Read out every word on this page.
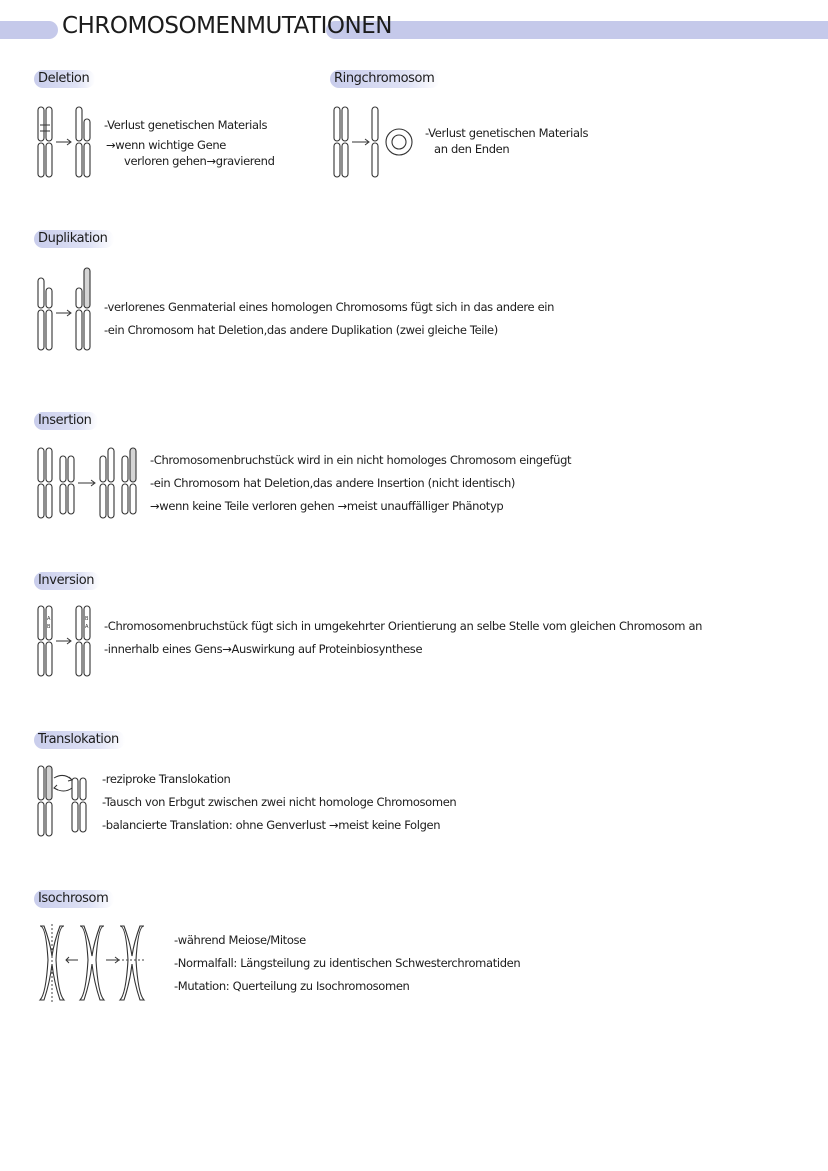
CHROMOSOMENMUTATIONEN
Deletion
-Verlust genetischen Materials
→wenn wichtige Gene
verloren gehen→gravierend
Ringchromosom
-Verlust genetischen Materials
an den Enden
Duplikation
-verlorenes Genmaterial eines homologen Chromosoms fügt sich in das andere ein
-ein Chromosom hat Deletion,das andere Duplikation (zwei gleiche Teile)
Insertion
-Chromosomenbruchstück wird in ein nicht homologes Chromosom eingefügt
-ein Chromosom hat Deletion,das andere Insertion (nicht identisch)
→wenn keine Teile verloren gehen →meist unauffälliger Phänotyp
Inversion
A
B
B
A -Chromosomenbruchstück fügt sich in umgekehrter Orientierung an selbe Stelle vom gleichen Chromosom an
-innerhalb eines Gens→Auswirkung auf Proteinbiosynthese
Translokation
-reziproke Translokation
-Tausch von Erbgut zwischen zwei nicht homologe Chromosomen
-balancierte Translation: ohne Genverlust →meist keine Folgen
Isochrosom
-während Meiose/Mitose
-Normalfall: Längsteilung zu identischen Schwesterchromatiden
-Mutation: Querteilung zu Isochromosomen
